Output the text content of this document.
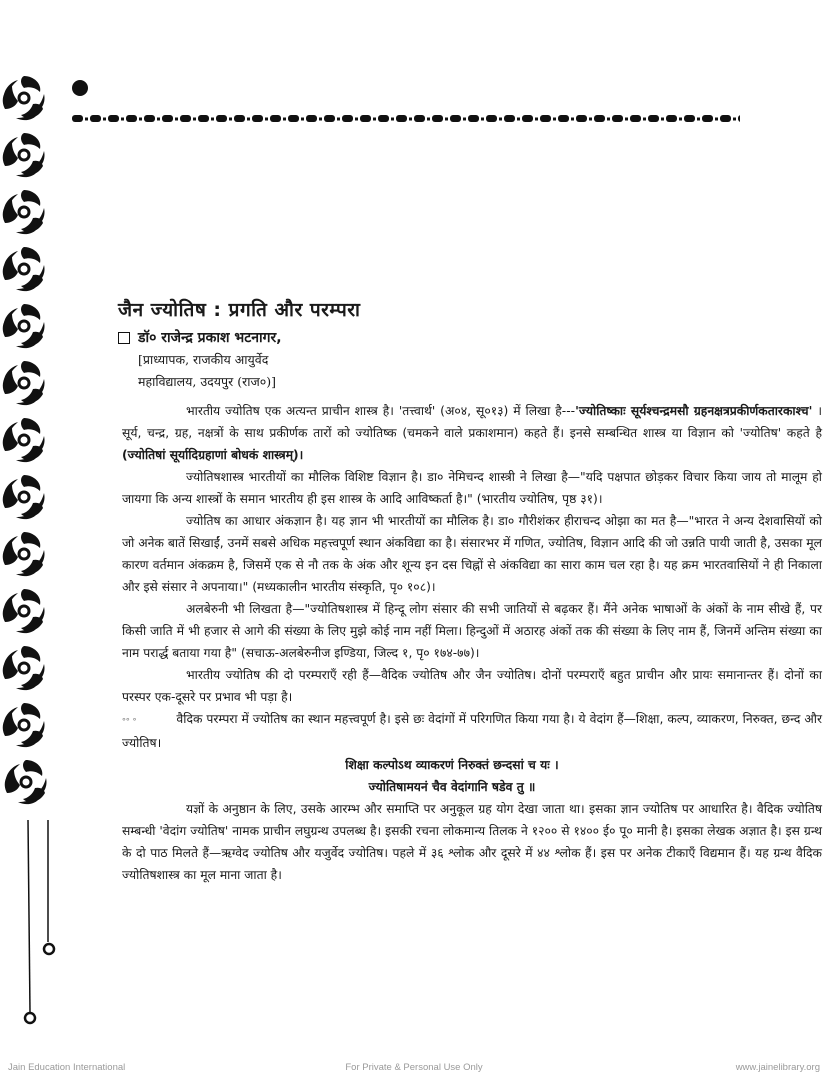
जैन ज्योतिष : प्रगति और परम्परा
डॉ० राजेन्द्र प्रकाश भटनागर,
[प्राध्यापक, राजकीय आयुर्वेद
महाविद्यालय, उदयपुर (राज०)]

भारतीय ज्योतिष एक अत्यन्त प्राचीन शास्त्र है। 'तत्त्वार्थ' (अ०४, सू०१३) में लिखा है---'ज्योतिष्काः सूर्यश्चन्द्रमसौ ग्रहनक्षत्रप्रकीर्णकतारकाश्च' । सूर्य, चन्द्र, ग्रह, नक्षत्रों के साथ प्रकीर्णक तारों को ज्योतिष्क (चमकने वाले प्रकाशमान) कहते हैं। इनसे सम्बन्धित शास्त्र या विज्ञान को 'ज्योतिष' कहते है (ज्योतिषां सूर्यादिग्रहाणां बोधकं शास्त्रम्)।

ज्योतिषशास्त्र भारतीयों का मौलिक विशिष्ट विज्ञान है। डा० नेमिचन्द शास्त्री ने लिखा है—"यदि पक्षपात छोड़कर विचार किया जाय तो मालूम हो जायगा कि अन्य शास्त्रों के समान भारतीय ही इस शास्त्र के आदि आविष्कर्ता है।" (भारतीय ज्योतिष, पृष्ठ ३१)।

ज्योतिष का आधार अंकज्ञान है। यह ज्ञान भी भारतीयों का मौलिक है। डा० गौरीशंकर हीराचन्द ओझा का मत है—"भारत ने अन्य देशवासियों को जो अनेक बातें सिखाईं, उनमें सबसे अधिक महत्त्वपूर्ण स्थान अंकविद्या का है। संसारभर में गणित, ज्योतिष, विज्ञान आदि की जो उन्नति पायी जाती है, उसका मूल कारण वर्तमान अंकक्रम है, जिसमें एक से नौ तक के अंक और शून्य इन दस चिह्नों से अंकविद्या का सारा काम चल रहा है। यह क्रम भारतवासियों ने ही निकाला और इसे संसार ने अपनाया।" (मध्यकालीन भारतीय संस्कृति, पृ० १०८)।

अलबेरुनी भी लिखता है—"ज्योतिषशास्त्र में हिन्दू लोग संसार की सभी जातियों से बढ़कर हैं। मैंने अनेक भाषाओं के अंकों के नाम सीखे हैं, पर किसी जाति में भी हजार से आगे की संख्या के लिए मुझे कोई नाम नहीं मिला। हिन्दुओं में अठारह अंकों तक की संख्या के लिए नाम हैं, जिनमें अन्तिम संख्या का नाम परार्द्ध बताया गया है" (सचाऊ-अलबेरुनीज इण्डिया, जिल्द १, पृ० १७४-७७)।

भारतीय ज्योतिष की दो परम्पराएँ रही हैं—वैदिक ज्योतिष और जैन ज्योतिष। दोनों परम्पराएँ बहुत प्राचीन और प्रायः समानान्तर हैं। दोनों का परस्पर एक-दूसरे पर प्रभाव भी पड़ा है।

॰॰ ॰	वैदिक परम्परा में ज्योतिष का स्थान महत्त्वपूर्ण है। इसे छः वेदांगों में परिगणित किया गया है। ये वेदांग हैं—शिक्षा, कल्प, व्याकरण, निरुक्त, छन्द और ज्योतिष।

शिक्षा कल्पोऽथ व्याकरणं निरुक्तं छन्दसां च यः ।

ज्योतिषामयनं चैव वेदांगानि षडेव तु ॥

यज्ञों के अनुष्ठान के लिए, उसके आरम्भ और समाप्ति पर अनुकूल ग्रह योग देखा जाता था। इसका ज्ञान ज्योतिष पर आधारित है। वैदिक ज्योतिष सम्बन्धी 'वेदांग ज्योतिष' नामक प्राचीन लघुग्रन्थ उपलब्ध है। इसकी रचना लोकमान्य तिलक ने १२०० से १४०० ई० पू० मानी है। इसका लेखक अज्ञात है। इस ग्रन्थ के दो पाठ मिलते हैं—ऋग्वेद ज्योतिष और यजुर्वेद ज्योतिष। पहले में ३६ श्लोक और दूसरे में ४४ श्लोक हैं। इस पर अनेक टीकाएँ विद्यमान हैं। यह ग्रन्थ वैदिक ज्योतिषशास्त्र का मूल माना जाता है।

Jain Education International	For Private & Personal Use Only	www.jainelibrary.org
